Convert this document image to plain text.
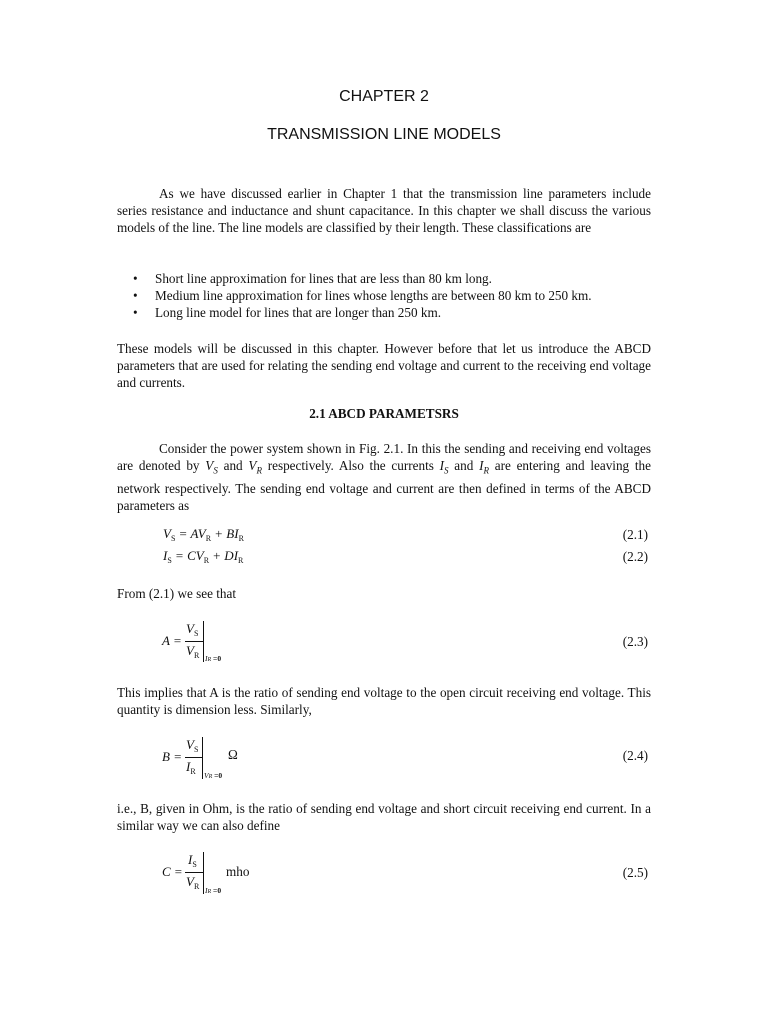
CHAPTER 2
TRANSMISSION LINE MODELS

As we have discussed earlier in Chapter 1 that the transmission line parameters include series resistance and inductance and shunt capacitance. In this chapter we shall discuss the various models of the line. The line models are classified by their length. These classifications are

• Short line approximation for lines that are less than 80 km long.
• Medium line approximation for lines whose lengths are between 80 km to 250 km.
• Long line model for lines that are longer than 250 km.

These models will be discussed in this chapter. However before that let us introduce the ABCD parameters that are used for relating the sending end voltage and current to the receiving end voltage and currents.

2.1 ABCD PARAMETSRS

Consider the power system shown in Fig. 2.1. In this the sending and receiving end voltages are denoted by $V_S$ and $V_R$ respectively. Also the currents $I_S$ and $I_R$ are entering and leaving the network respectively. The sending end voltage and current are then defined in terms of the ABCD parameters as

$V_S = AV_R + BI_R$	(2.1)
$I_S = CV_R + DI_R$	(2.2)

From (2.1) we see that

A =
$V_S$
$V_R$ IR =0
(2.3)

This implies that A is the ratio of sending end voltage to the open circuit receiving end voltage. This quantity is dimension less. Similarly,

B =
$V_S$
$I_R$ VR =0
Ω	(2.4)

i.e., B, given in Ohm, is the ratio of sending end voltage and short circuit receiving end current. In a similar way we can also define

C =
$I_S$
$V_R$ IR =0
mho	(2.5)
